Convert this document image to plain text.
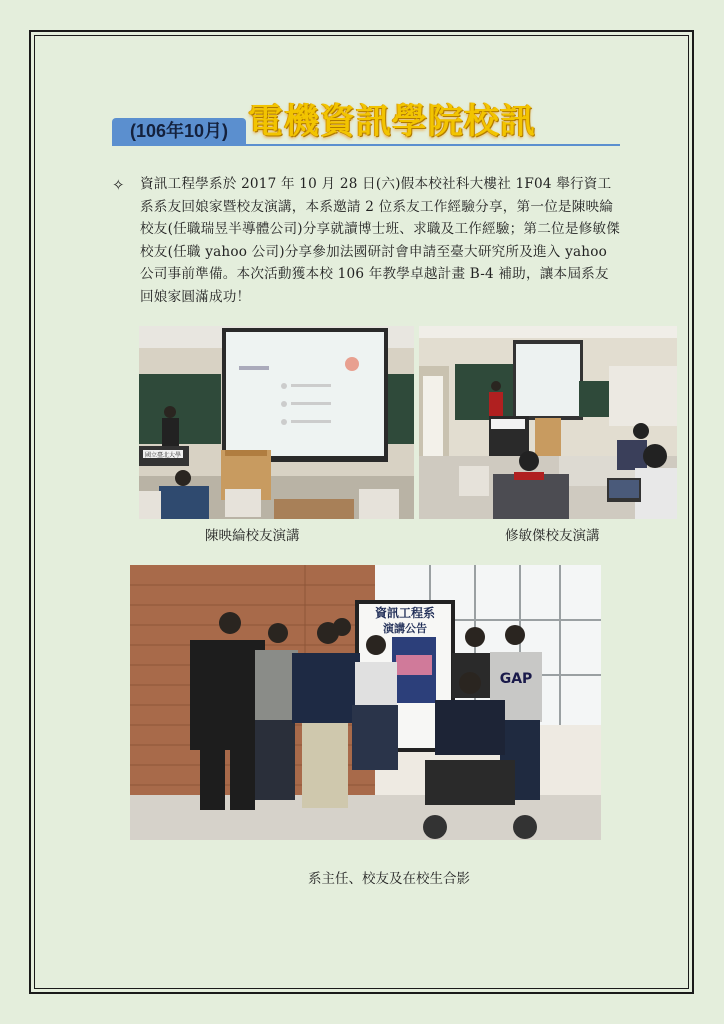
(106年10月) 電機資訊學院校訊
✧ 資訊工程學系於 2017 年 10 月 28 日(六)假本校社科大樓社 1F04 舉行資工系系友回娘家暨校友演講，本系邀請 2 位系友工作經驗分享，第一位是陳映綸校友(任職瑞昱半導體公司)分享就讀博士班、求職及工作經驗；第二位是修敏傑校友(任職 yahoo 公司)分享參加法國研討會申請至臺大研究所及進入 yahoo 公司事前準備。本次活動獲本校 106 年教學卓越計畫 B-4 補助，讓本屆系友回娘家圓滿成功！
國立臺北大學
陳映綸校友演講	修敏傑校友演講
資訊工程系
演講公告
GAP
系主任、校友及在校生合影
